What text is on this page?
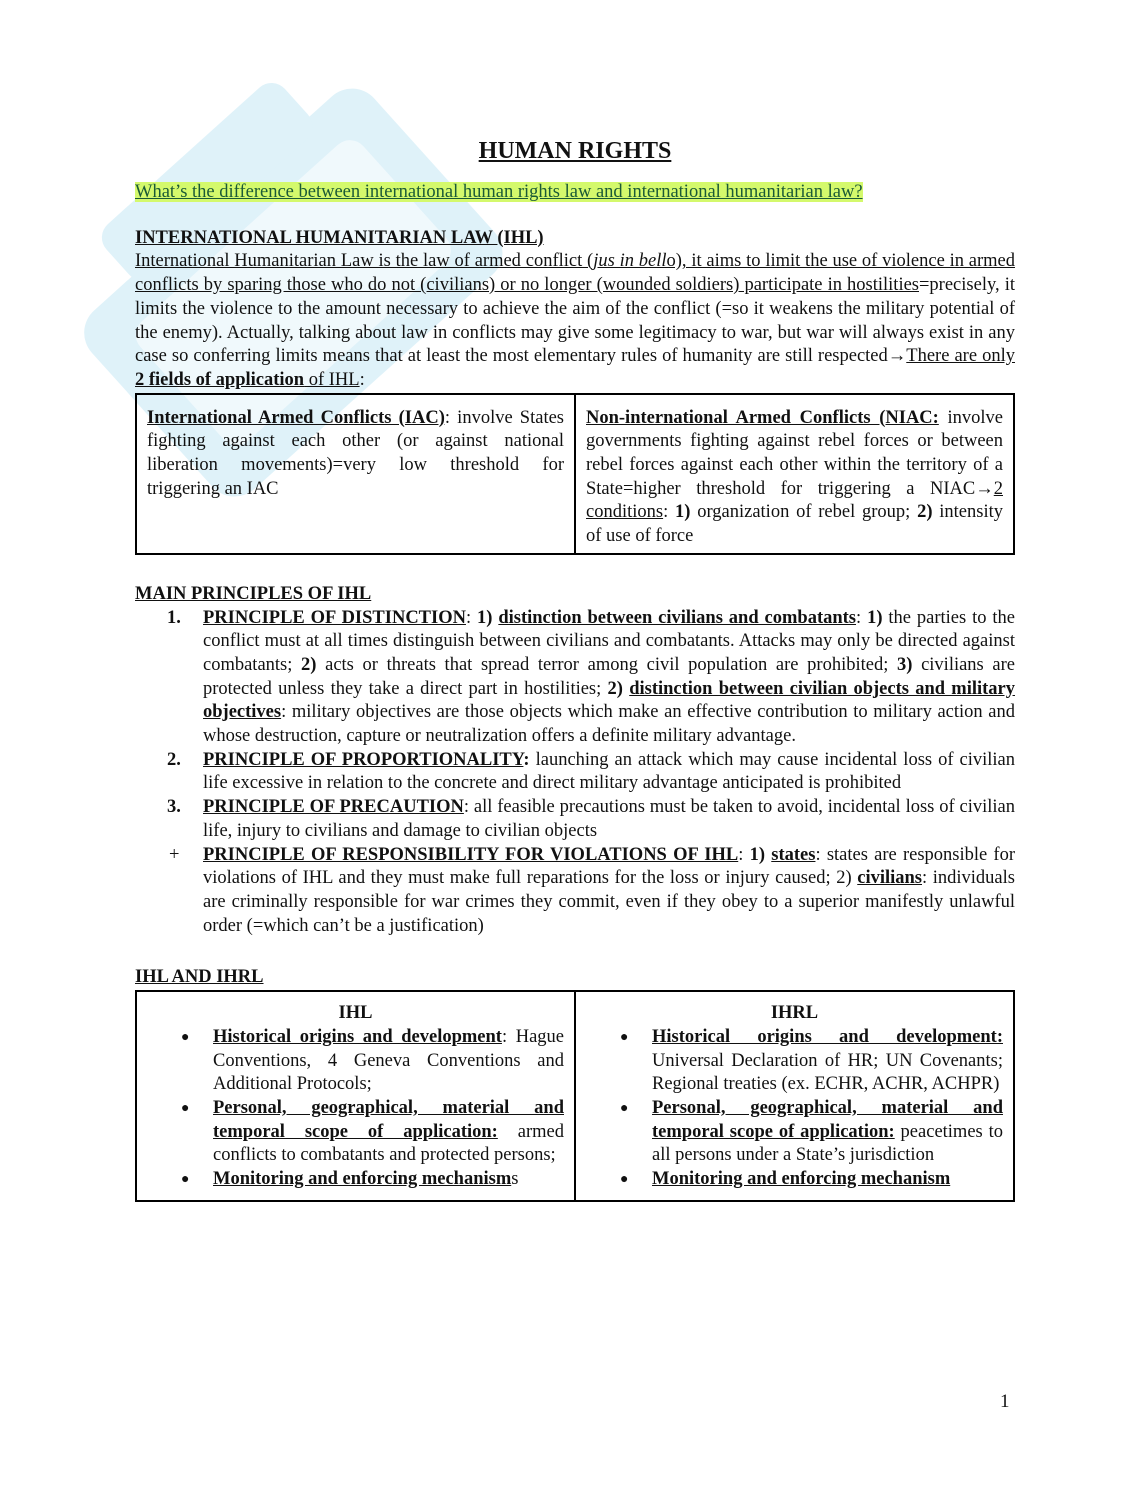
HUMAN RIGHTS
What’s the difference between international human rights law and international humanitarian law?
INTERNATIONAL HUMANITARIAN LAW (IHL)
International Humanitarian Law is the law of armed conflict (jus in bello), it aims to limit the use of violence in armed conflicts by sparing those who do not (civilians) or no longer (wounded soldiers) participate in hostilities=precisely, it limits the violence to the amount necessary to achieve the aim of the conflict (=so it weakens the military potential of the enemy). Actually, talking about law in conflicts may give some legitimacy to war, but war will always exist in any case so conferring limits means that at least the most elementary rules of humanity are still respected→There are only 2 fields of application of IHL:
International Armed Conflicts (IAC): involve States fighting against each other (or against national liberation movements)=very low threshold for triggering an IAC	Non-international Armed Conflicts (NIAC: involve governments fighting against rebel forces or between rebel forces against each other within the territory of a State=higher threshold for triggering a NIAC→2 conditions: 1) organization of rebel group; 2) intensity of use of force
MAIN PRINCIPLES OF IHL
1. PRINCIPLE OF DISTINCTION: 1) distinction between civilians and combatants: 1) the parties to the conflict must at all times distinguish between civilians and combatants. Attacks may only be directed against combatants; 2) acts or threats that spread terror among civil population are prohibited; 3) civilians are protected unless they take a direct part in hostilities; 2) distinction between civilian objects and military objectives: military objectives are those objects which make an effective contribution to military action and whose destruction, capture or neutralization offers a definite military advantage.
2. PRINCIPLE OF PROPORTIONALITY: launching an attack which may cause incidental loss of civilian life excessive in relation to the concrete and direct military advantage anticipated is prohibited
3. PRINCIPLE OF PRECAUTION: all feasible precautions must be taken to avoid, incidental loss of civilian life, injury to civilians and damage to civilian objects
+ PRINCIPLE OF RESPONSIBILITY FOR VIOLATIONS OF IHL: 1) states: states are responsible for violations of IHL and they must make full reparations for the loss or injury caused; 2) civilians: individuals are criminally responsible for war crimes they commit, even if they obey to a superior manifestly unlawful order (=which can’t be a justification)
IHL AND IHRL
IHL
● Historical origins and development: Hague Conventions, 4 Geneva Conventions and Additional Protocols;
● Personal, geographical, material and temporal scope of application: armed conflicts to combatants and protected persons;
● Monitoring and enforcing mechanisms

IHRL
● Historical origins and development: Universal Declaration of HR; UN Covenants; Regional treaties (ex. ECHR, ACHR, ACHPR)
● Personal, geographical, material and temporal scope of application: peacetimes to all persons under a State’s jurisdiction
● Monitoring and enforcing mechanism
1
